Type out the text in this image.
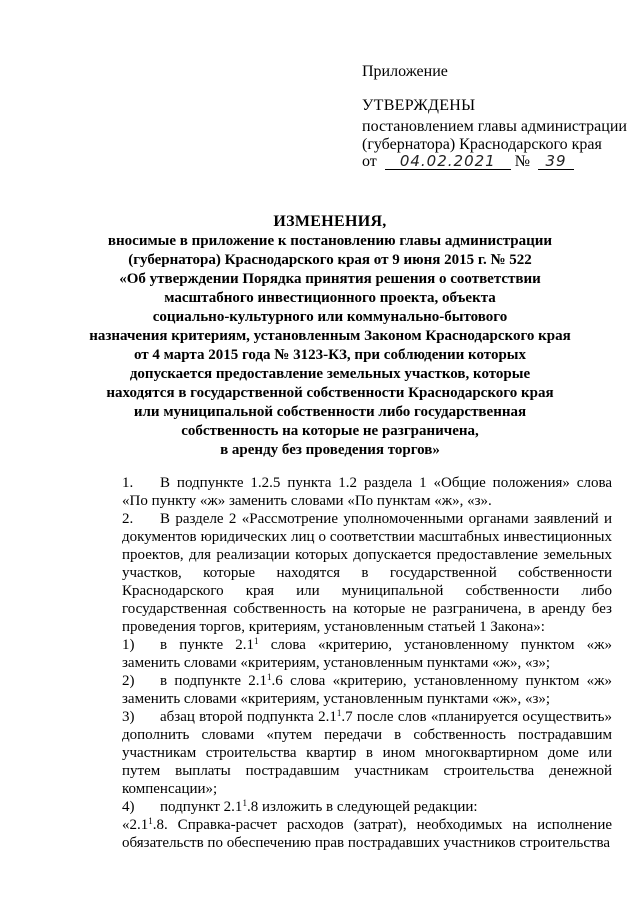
Приложение
УТВЕРЖДЕНЫ
постановлением главы администрации
(губернатора) Краснодарского края
от 04.02.2021 № 39
ИЗМЕНЕНИЯ,
вносимые в приложение к постановлению главы администрации
(губернатора) Краснодарского края от 9 июня 2015 г. № 522
«Об утверждении Порядка принятия решения о соответствии
масштабного инвестиционного проекта, объекта
социально-культурного или коммунально-бытового
назначения критериям, установленным Законом Краснодарского края
от 4 марта 2015 года № 3123-КЗ, при соблюдении которых
допускается предоставление земельных участков, которые
находятся в государственной собственности Краснодарского края
или муниципальной собственности либо государственная
собственность на которые не разграничена,
в аренду без проведения торгов»

1. В подпункте 1.2.5 пункта 1.2 раздела 1 «Общие положения» слова «По пункту «ж» заменить словами «По пунктам «ж», «з».

2. В разделе 2 «Рассмотрение уполномоченными органами заявлений и документов юридических лиц о соответствии масштабных инвестиционных проектов, для реализации которых допускается предоставление земельных участков, которые находятся в государственной собственности Краснодарского края или муниципальной собственности либо государственная собственность на которые не разграничена, в аренду без проведения торгов, критериям, установленным статьей 1 Закона»:

1) в пункте $2.1^1$ слова «критерию, установленному пунктом «ж» заменить словами «критериям, установленным пунктами «ж», «з»;

2) в подпункте $2.1^1.6$ слова «критерию, установленному пунктом «ж» заменить словами «критериям, установленным пунктами «ж», «з»;

3) абзац второй подпункта $2.1^1.7$ после слов «планируется осуществить» дополнить словами «путем передачи в собственность пострадавшим участникам строительства квартир в ином многоквартирном доме или путем выплаты пострадавшим участникам строительства денежной компенсации»;

4) подпункт $2.1^1.8$ изложить в следующей редакции:

«$2.1^1.8$. Справка-расчет расходов (затрат), необходимых на исполнение обязательств по обеспечению прав пострадавших участников строительства
